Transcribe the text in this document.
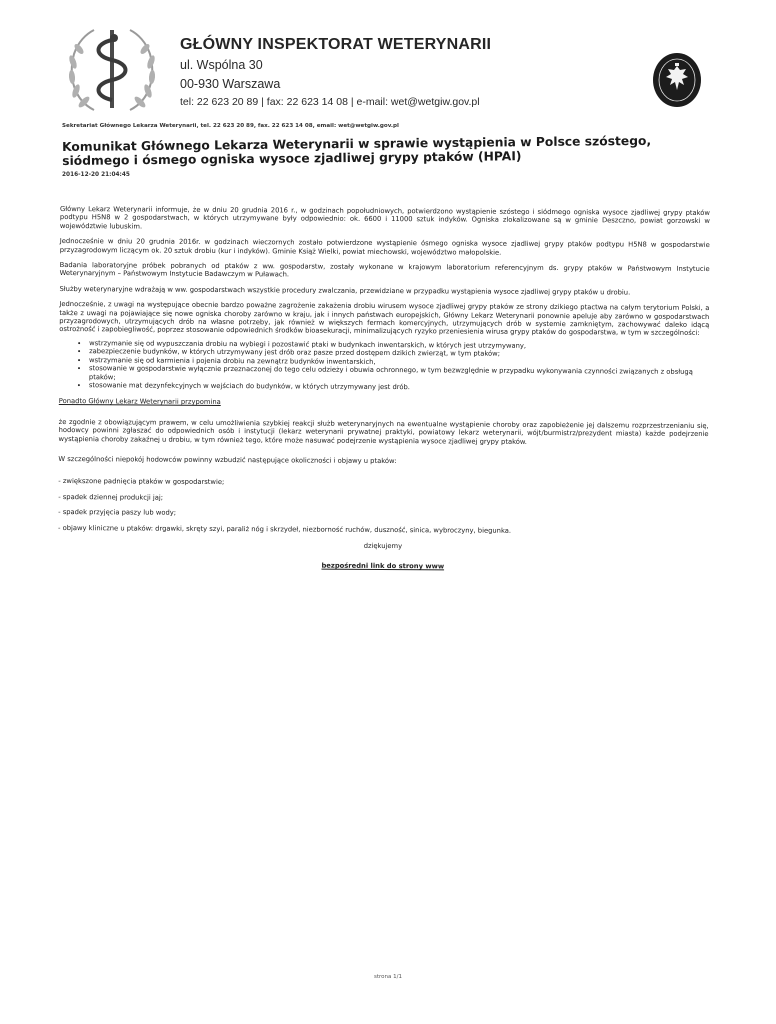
GŁÓWNY INSPEKTORAT WETERYNARII
ul. Wspólna 30
00-930 Warszawa
tel: 22 623 20 89 | fax: 22 623 14 08 | e-mail: wet@wetgiw.gov.pl
Sekretariat Głównego Lekarza Weterynarii, tel. 22 623 20 89, fax. 22 623 14 08, email: wet@wetgiw.gov.pl
Komunikat Głównego Lekarza Weterynarii w sprawie wystąpienia w Polsce szóstego, siódmego i ósmego ogniska wysoce zjadliwej grypy ptaków (HPAI)
2016-12-20 21:04:45

Główny Lekarz Weterynarii informuje, że w dniu 20 grudnia 2016 r., w godzinach popołudniowych, potwierdzono wystąpienie szóstego i siódmego ogniska wysoce zjadliwej grypy ptaków podtypu H5N8 w 2 gospodarstwach, w których utrzymywane były odpowiednio: ok. 6600 i 11000 sztuk indyków. Ogniska zlokalizowane są w gminie Deszczno, powiat gorzowski w województwie lubuskim.

Jednocześnie w dniu 20 grudnia 2016r. w godzinach wieczornych zostało potwierdzone wystąpienie ósmego ogniska wysoce zjadliwej grypy ptaków podtypu H5N8 w gospodarstwie przyzagrodowym liczącym ok. 20 sztuk drobiu (kur i indyków). Gminie Książ Wielki, powiat miechowski, województwo małopolskie.

Badania laboratoryjne próbek pobranych od ptaków z ww. gospodarstw, zostały wykonane w krajowym laboratorium referencyjnym ds. grypy ptaków w Państwowym Instytucie Weterynaryjnym – Państwowym Instytucie Badawczym w Puławach.

Służby weterynaryjne wdrażają w ww. gospodarstwach wszystkie procedury zwalczania, przewidziane w przypadku wystąpienia wysoce zjadliwej grypy ptaków u drobiu.

Jednocześnie, z uwagi na występujące obecnie bardzo poważne zagrożenie zakażenia drobiu wirusem wysoce zjadliwej grypy ptaków ze strony dzikiego ptactwa na całym terytorium Polski, a także z uwagi na pojawiające się nowe ogniska choroby zarówno w kraju, jak i innych państwach europejskich, Główny Lekarz Weterynarii ponownie apeluje aby zarówno w gospodarstwach przyzagrodowych, utrzymujących drób na własne potrzeby, jak również w większych fermach komercyjnych, utrzymujących drób w systemie zamkniętym, zachowywać daleko idącą ostrożność i zapobiegliwość, poprzez stosowanie odpowiednich środków bioasekuracji, minimalizujących ryzyko przeniesienia wirusa grypy ptaków do gospodarstwa, w tym w szczególności:

• wstrzymanie się od wypuszczania drobiu na wybiegi i pozostawić ptaki w budynkach inwentarskich, w których jest utrzymywany,
• zabezpieczenie budynków, w których utrzymywany jest drób oraz pasze przed dostępem dzikich zwierząt, w tym ptaków;
• wstrzymanie się od karmienia i pojenia drobiu na zewnątrz budynków inwentarskich,
• stosowanie w gospodarstwie wyłącznie przeznaczonej do tego celu odzieży i obuwia ochronnego, w tym bezwzględnie w przypadku wykonywania czynności związanych z obsługą ptaków;
• stosowanie mat dezynfekcyjnych w wejściach do budynków, w których utrzymywany jest drób.

Ponadto Główny Lekarz Weterynarii przypomina

że zgodnie z obowiązującym prawem, w celu umożliwienia szybkiej reakcji służb weterynaryjnych na ewentualne wystąpienie choroby oraz zapobieżenie jej dalszemu rozprzestrzenianiu się, hodowcy powinni zgłaszać do odpowiednich osób i instytucji (lekarz weterynarii prywatnej praktyki, powiatowy lekarz weterynarii, wójt/burmistrz/prezydent miasta) każde podejrzenie wystąpienia choroby zakaźnej u drobiu, w tym również tego, które może nasuwać podejrzenie wystąpienia wysoce zjadliwej grypy ptaków.

W szczególności niepokój hodowców powinny wzbudzić następujące okoliczności i objawy u ptaków:

- zwiększone padnięcia ptaków w gospodarstwie;

- spadek dziennej produkcji jaj;

- spadek przyjęcia paszy lub wody;

- objawy kliniczne u ptaków: drgawki, skręty szyi, paraliż nóg i skrzydeł, niezborność ruchów, duszność, sinica, wybroczyny, biegunka.

dziękujemy

bezpośredni link do strony www

strona 1/1
